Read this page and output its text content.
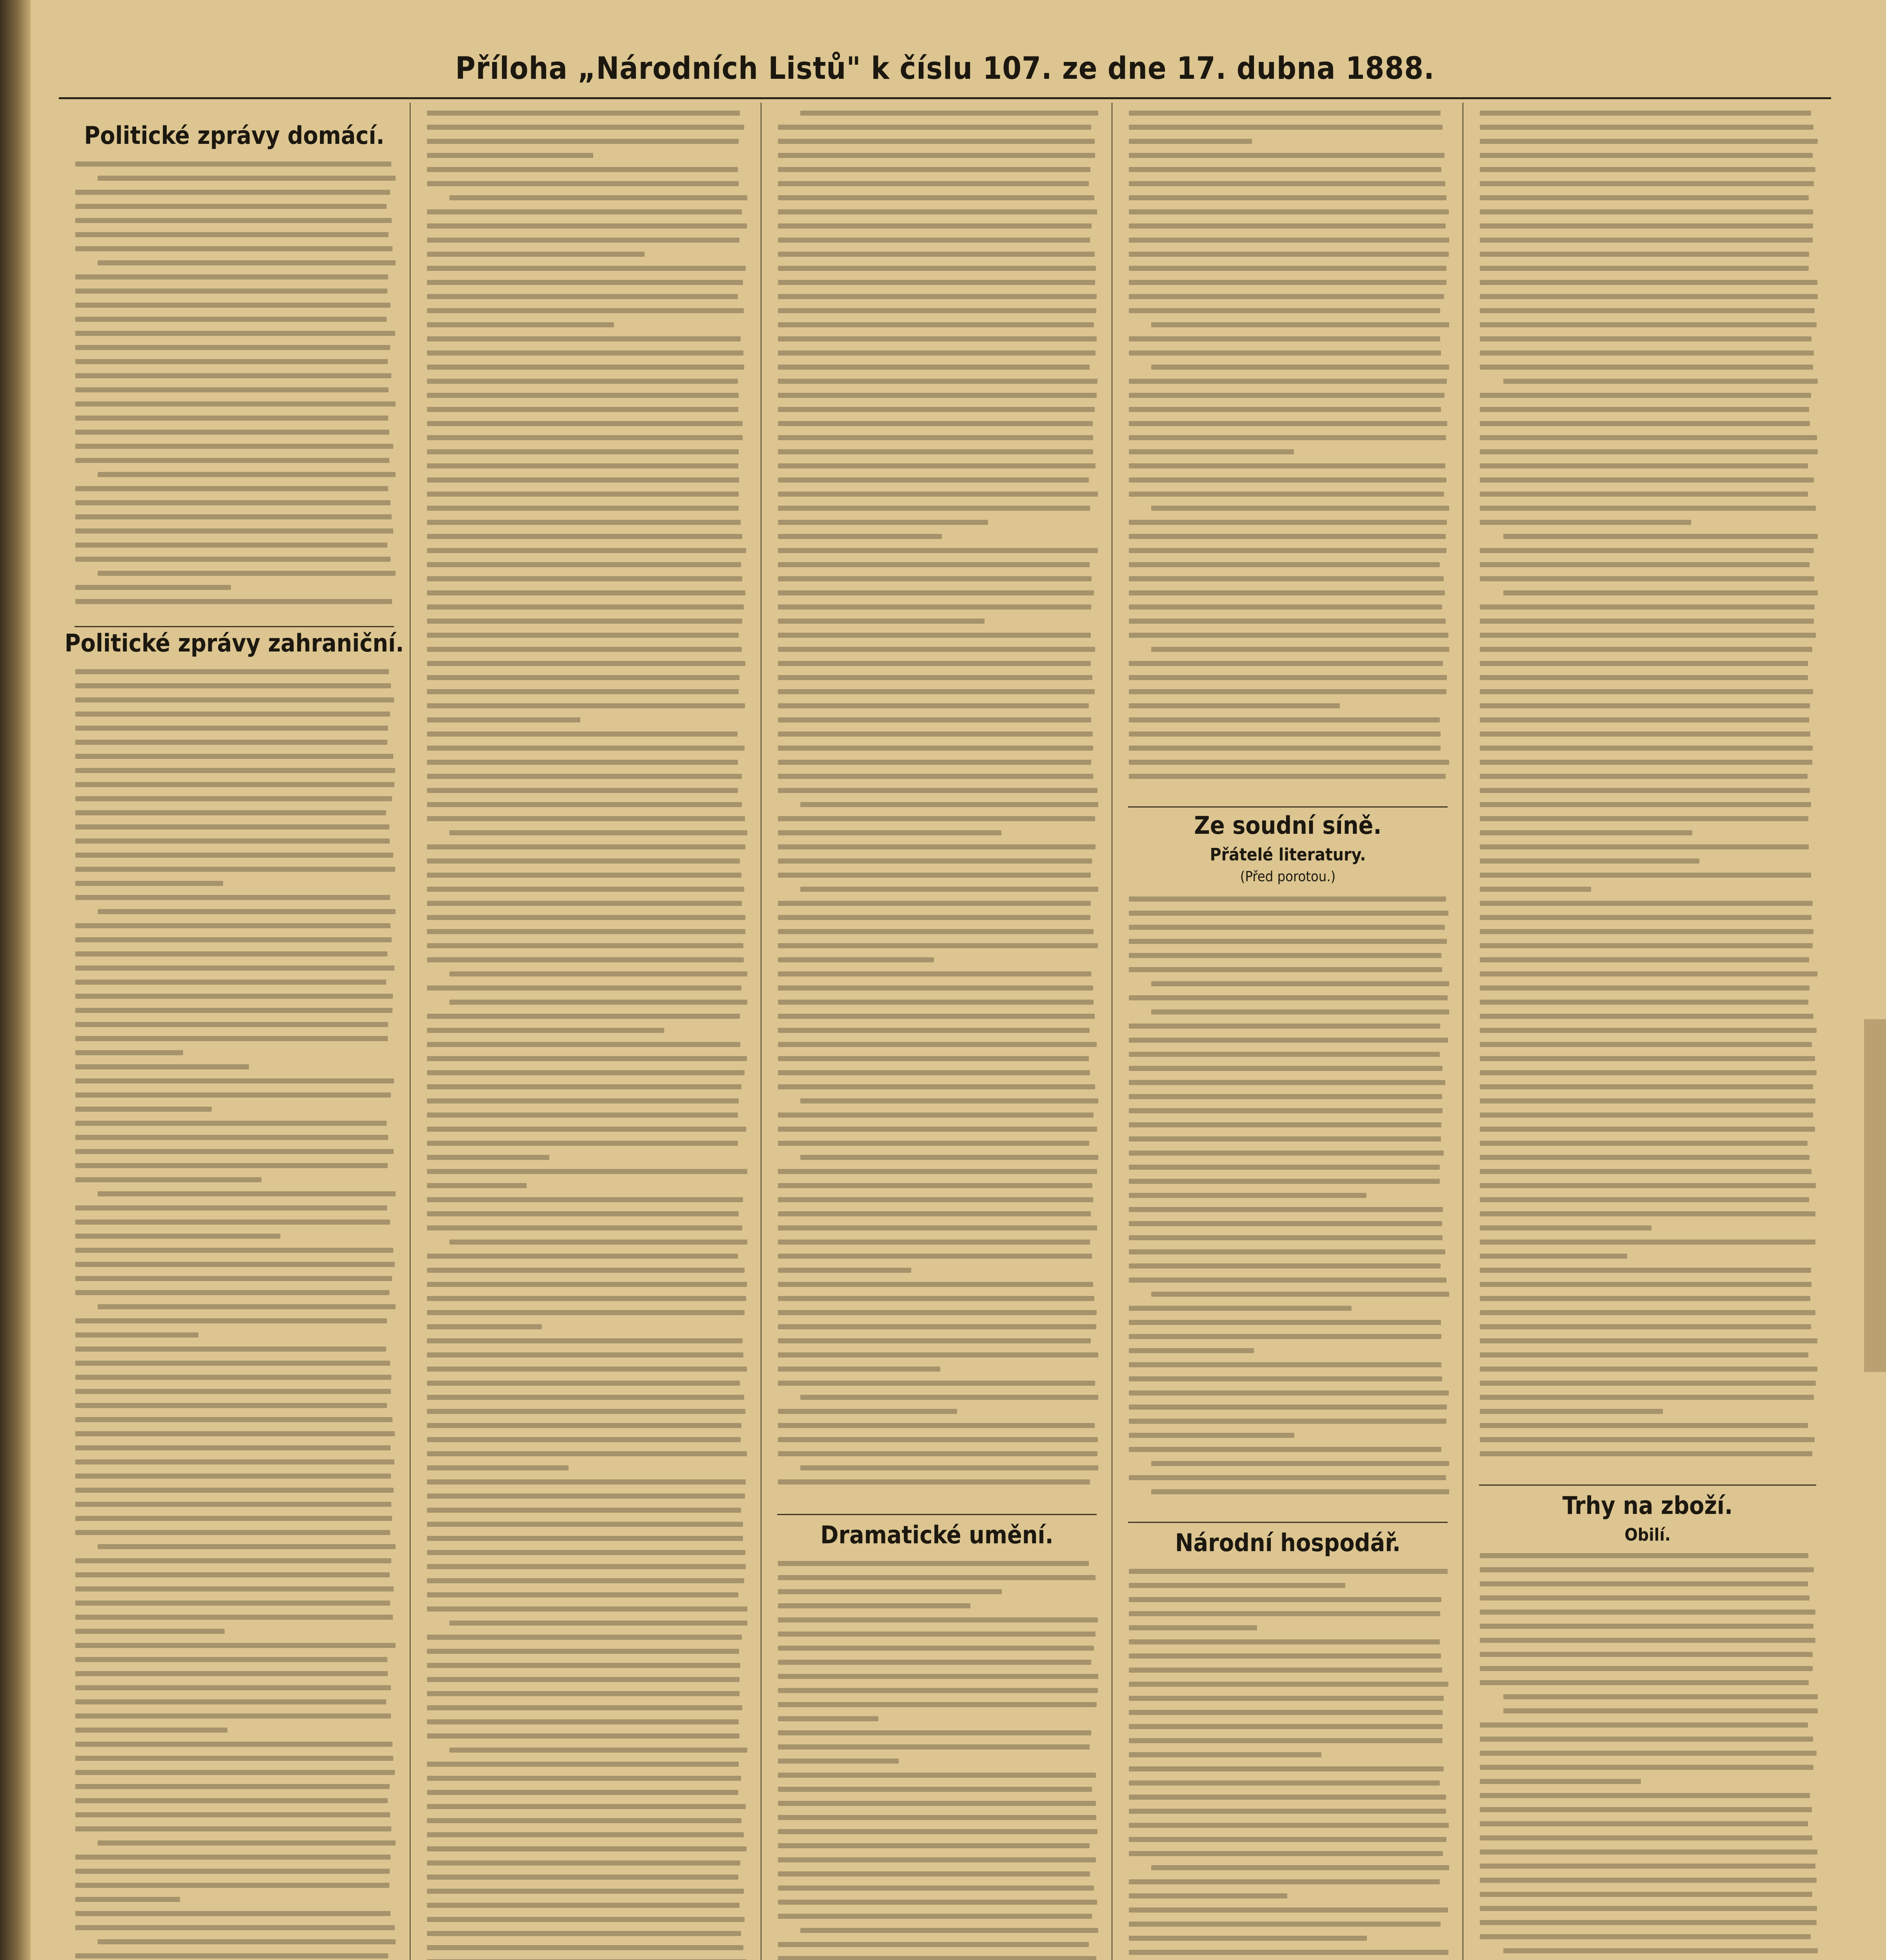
Příloha „Národních Listů" k číslu 107. ze dne 17. dubna 1888.
Politické zprávy domácí.
Politické zprávy zahraniční.
Dramatické umění.
Ze soudní síně.
Přátelé literatury.
(Před porotou.)
Národní hospodář.
Trhy na zboží.
Obilí.
